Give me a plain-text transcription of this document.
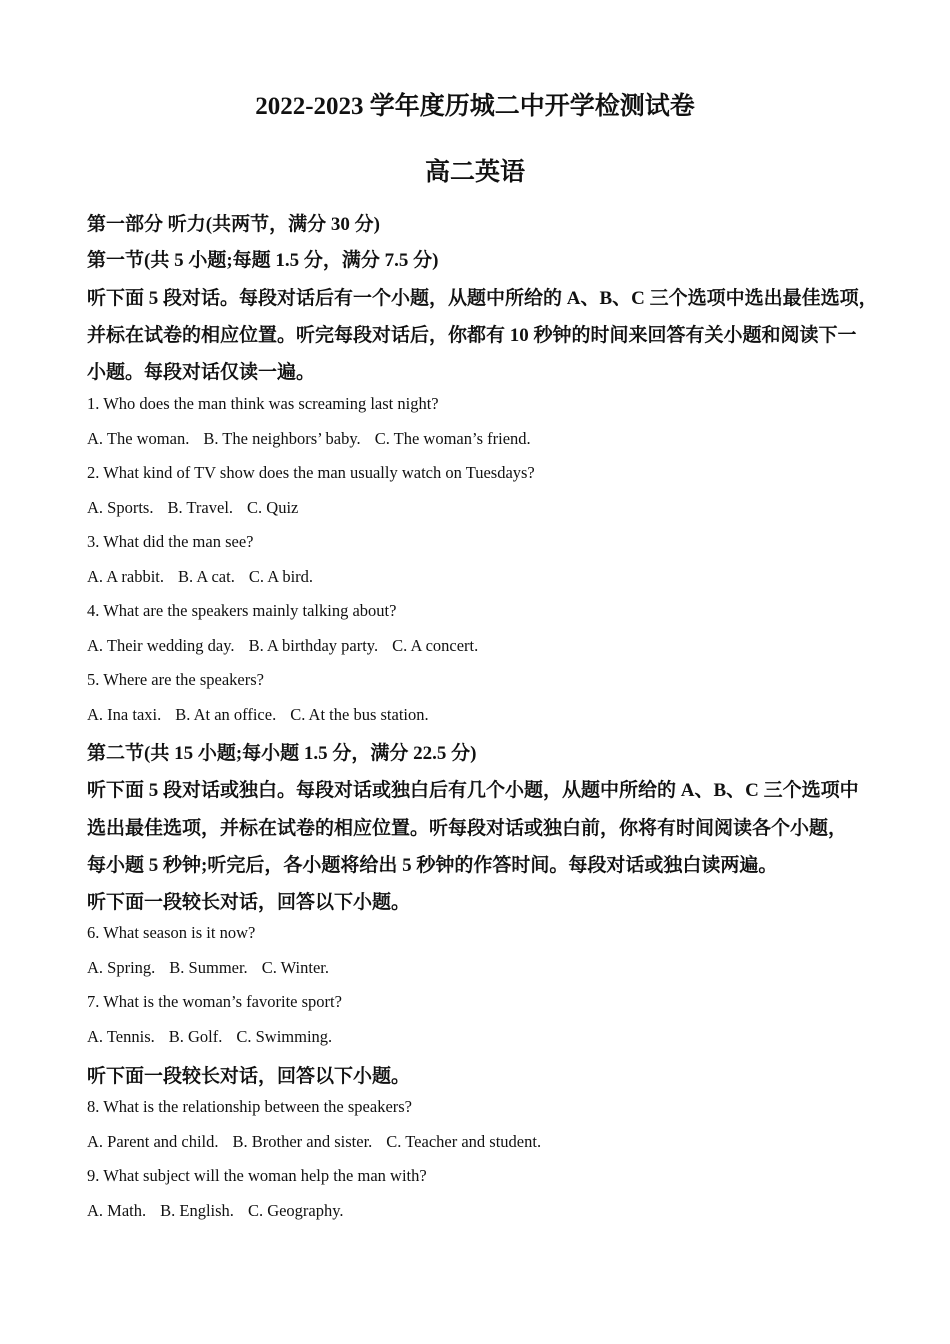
2022-2023 学年度历城二中开学检测试卷
高二英语
第一部分 听力(共两节，满分 30 分)
第一节(共 5 小题;每题 1.5 分，满分 7.5 分)
听下面 5 段对话。每段对话后有一个小题，从题中所给的 A、B、C 三个选项中选出最佳选项，
并标在试卷的相应位置。听完每段对话后，你都有 10 秒钟的时间来回答有关小题和阅读下一
小题。每段对话仅读一遍。
1. Who does the man think was screaming last night?
A. The woman. B. The neighbors’ baby. C. The woman’s friend.
2. What kind of TV show does the man usually watch on Tuesdays?
A. Sports. B. Travel. C. Quiz
3. What did the man see?
A. A rabbit. B. A cat. C. A bird.
4. What are the speakers mainly talking about?
A. Their wedding day. B. A birthday party. C. A concert.
5. Where are the speakers?
A. Ina taxi. B. At an office. C. At the bus station.
第二节(共 15 小题;每小题 1.5 分，满分 22.5 分)
听下面 5 段对话或独白。每段对话或独白后有几个小题，从题中所给的 A、B、C 三个选项中
选出最佳选项，并标在试卷的相应位置。听每段对话或独白前，你将有时间阅读各个小题，
每小题 5 秒钟;听完后，各小题将给出 5 秒钟的作答时间。每段对话或独白读两遍。
听下面一段较长对话，回答以下小题。
6. What season is it now?
A. Spring. B. Summer. C. Winter.
7. What is the woman’s favorite sport?
A. Tennis. B. Golf. C. Swimming.
听下面一段较长对话，回答以下小题。
8. What is the relationship between the speakers?
A. Parent and child. B. Brother and sister. C. Teacher and student.
9. What subject will the woman help the man with?
A. Math. B. English. C. Geography.
